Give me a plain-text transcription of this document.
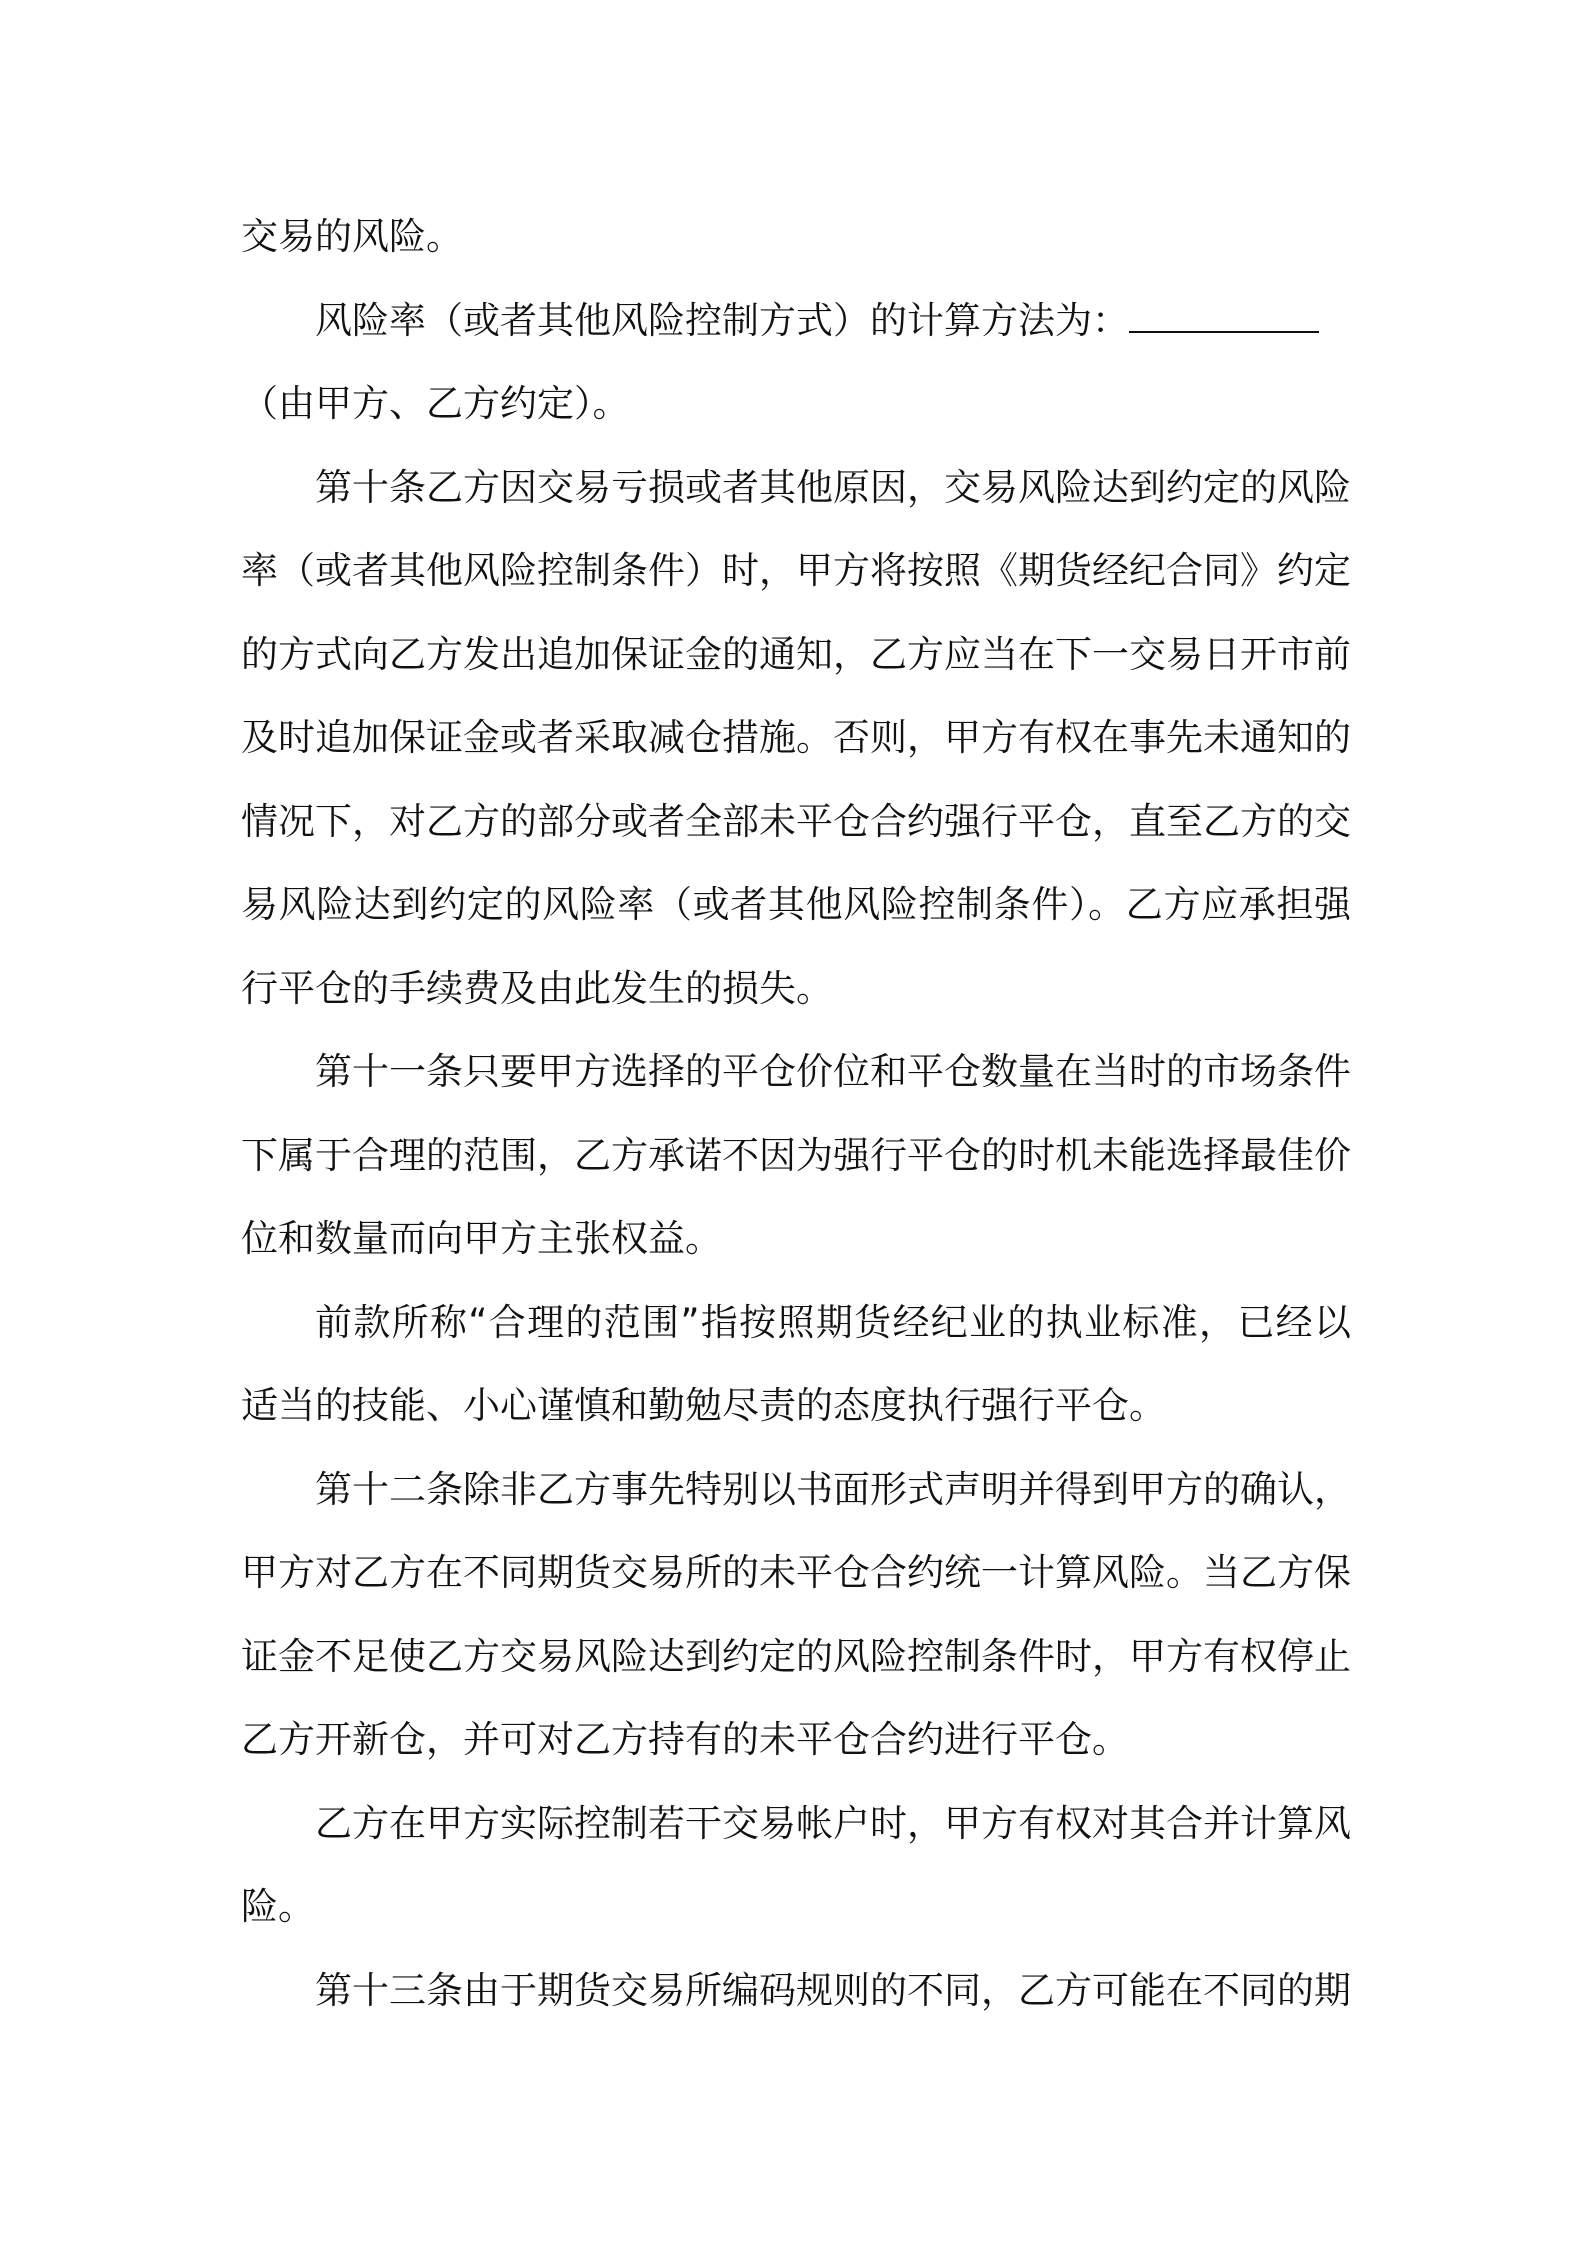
交易的风险。

风险率（或者其他风险控制方式）的计算方法为：
（由甲方、乙方约定）。

第十条乙方因交易亏损或者其他原因，交易风险达到约定的风险率（或者其他风险控制条件）时，甲方将按照《期货经纪合同》约定的方式向乙方发出追加保证金的通知，乙方应当在下一交易日开市前及时追加保证金或者采取减仓措施。否则，甲方有权在事先未通知的情况下，对乙方的部分或者全部未平仓合约强行平仓，直至乙方的交易风险达到约定的风险率（或者其他风险控制条件）。乙方应承担强行平仓的手续费及由此发生的损失。

第十一条只要甲方选择的平仓价位和平仓数量在当时的市场条件下属于合理的范围，乙方承诺不因为强行平仓的时机未能选择最佳价位和数量而向甲方主张权益。

前款所称“合理的范围”指按照期货经纪业的执业标准，已经以适当的技能、小心谨慎和勤勉尽责的态度执行强行平仓。

第十二条除非乙方事先特别以书面形式声明并得到甲方的确认，甲方对乙方在不同期货交易所的未平仓合约统一计算风险。当乙方保证金不足使乙方交易风险达到约定的风险控制条件时，甲方有权停止乙方开新仓，并可对乙方持有的未平仓合约进行平仓。

乙方在甲方实际控制若干交易帐户时，甲方有权对其合并计算风险。

第十三条由于期货交易所编码规则的不同，乙方可能在不同的期
